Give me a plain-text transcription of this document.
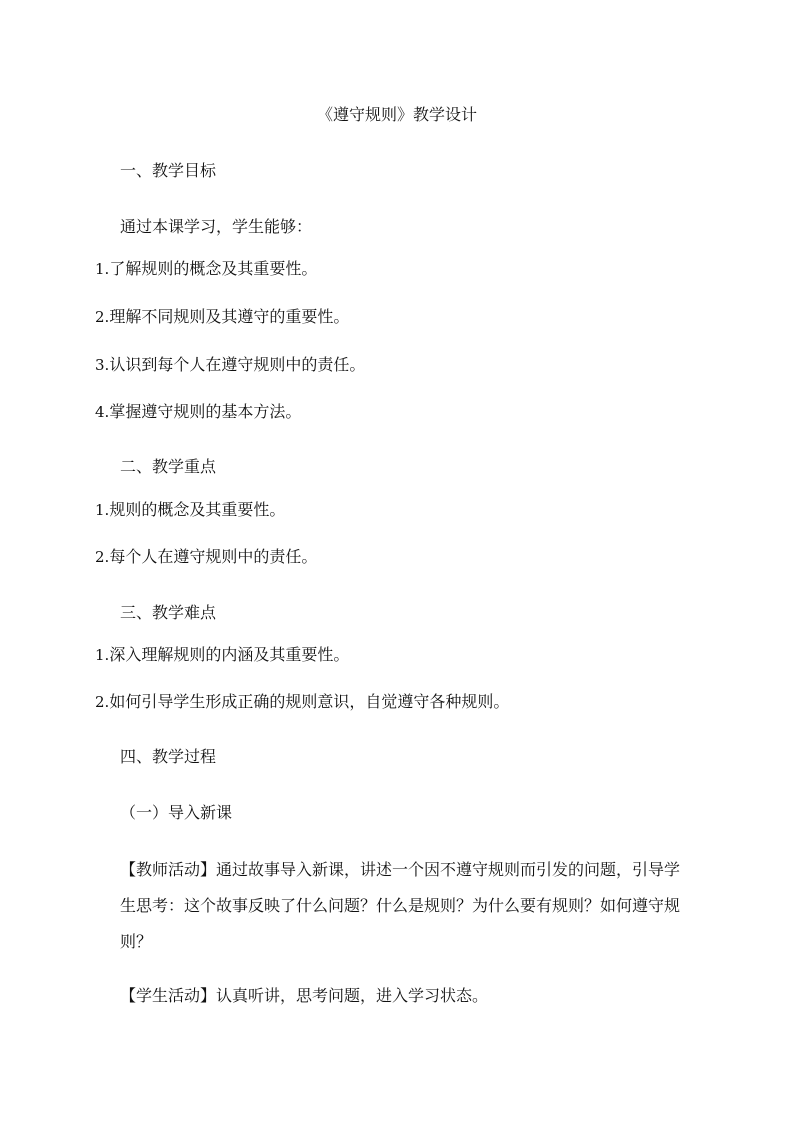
《遵守规则》教学设计
一、教学目标
通过本课学习，学生能够：
1.了解规则的概念及其重要性。
2.理解不同规则及其遵守的重要性。
3.认识到每个人在遵守规则中的责任。
4.掌握遵守规则的基本方法。
二、教学重点
1.规则的概念及其重要性。
2.每个人在遵守规则中的责任。
三、教学难点
1.深入理解规则的内涵及其重要性。
2.如何引导学生形成正确的规则意识，自觉遵守各种规则。
四、教学过程
（一）导入新课
【教师活动】通过故事导入新课，讲述一个因不遵守规则而引发的问题，引导学生思考：这个故事反映了什么问题？什么是规则？为什么要有规则？如何遵守规则？
【学生活动】认真听讲，思考问题，进入学习状态。
